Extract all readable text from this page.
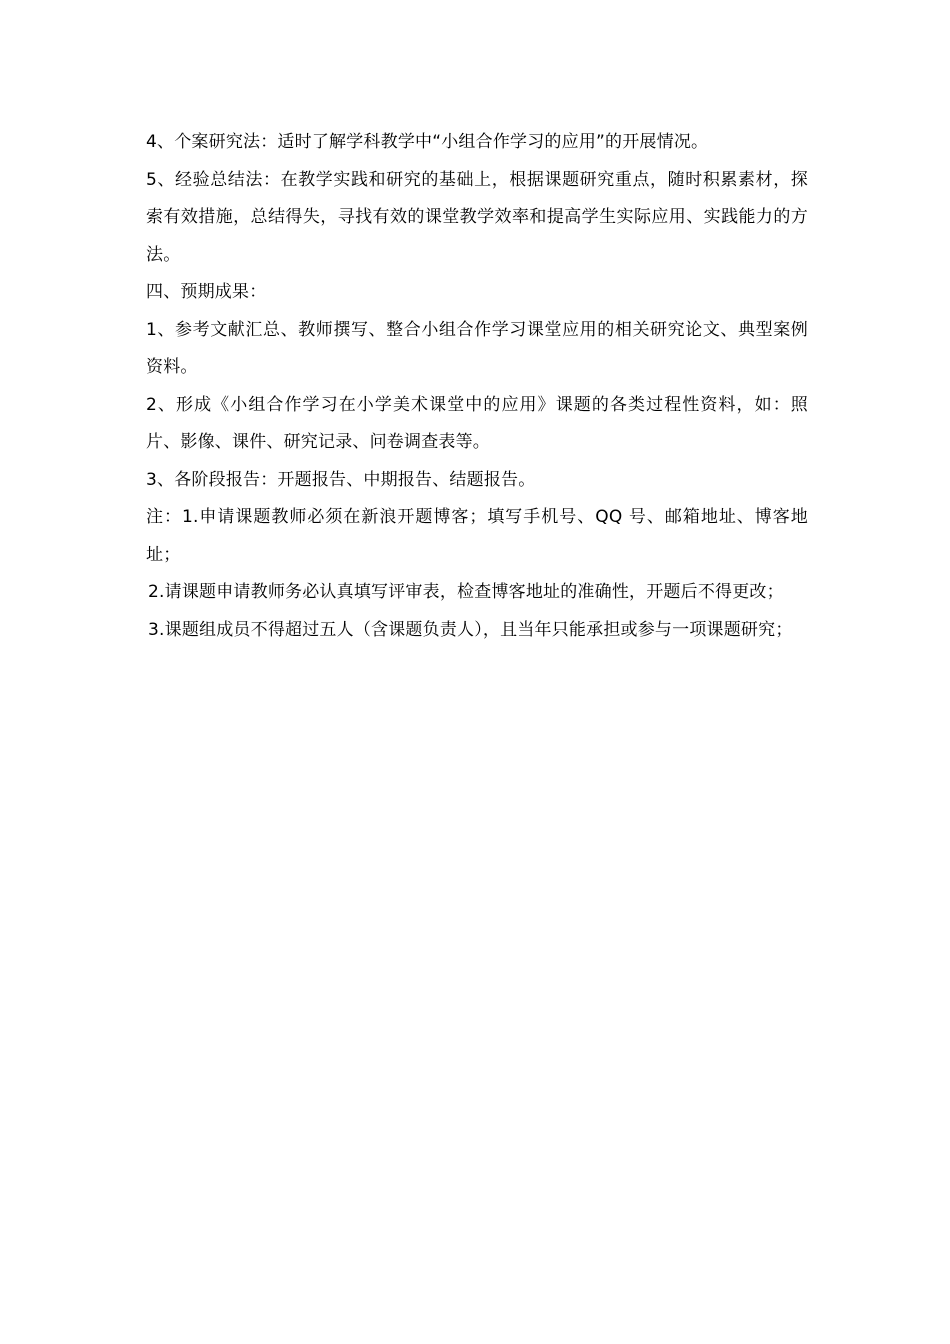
4、个案研究法：适时了解学科教学中“小组合作学习的应用”的开展情况。

5、经验总结法：在教学实践和研究的基础上，根据课题研究重点，随时积累素材，探索有效措施，总结得失，寻找有效的课堂教学效率和提高学生实际应用、实践能力的方法。

四、预期成果：

1、参考文献汇总、教师撰写、整合小组合作学习课堂应用的相关研究论文、典型案例资料。

2、形成《小组合作学习在小学美术课堂中的应用》课题的各类过程性资料，如：照片、影像、课件、研究记录、问卷调查表等。

3、各阶段报告：开题报告、中期报告、结题报告。

注：1.申请课题教师必须在新浪开题博客；填写手机号、QQ 号、邮箱地址、博客地址；

2.请课题申请教师务必认真填写评审表，检查博客地址的准确性，开题后不得更改；

3.课题组成员不得超过五人（含课题负责人），且当年只能承担或参与一项课题研究；
